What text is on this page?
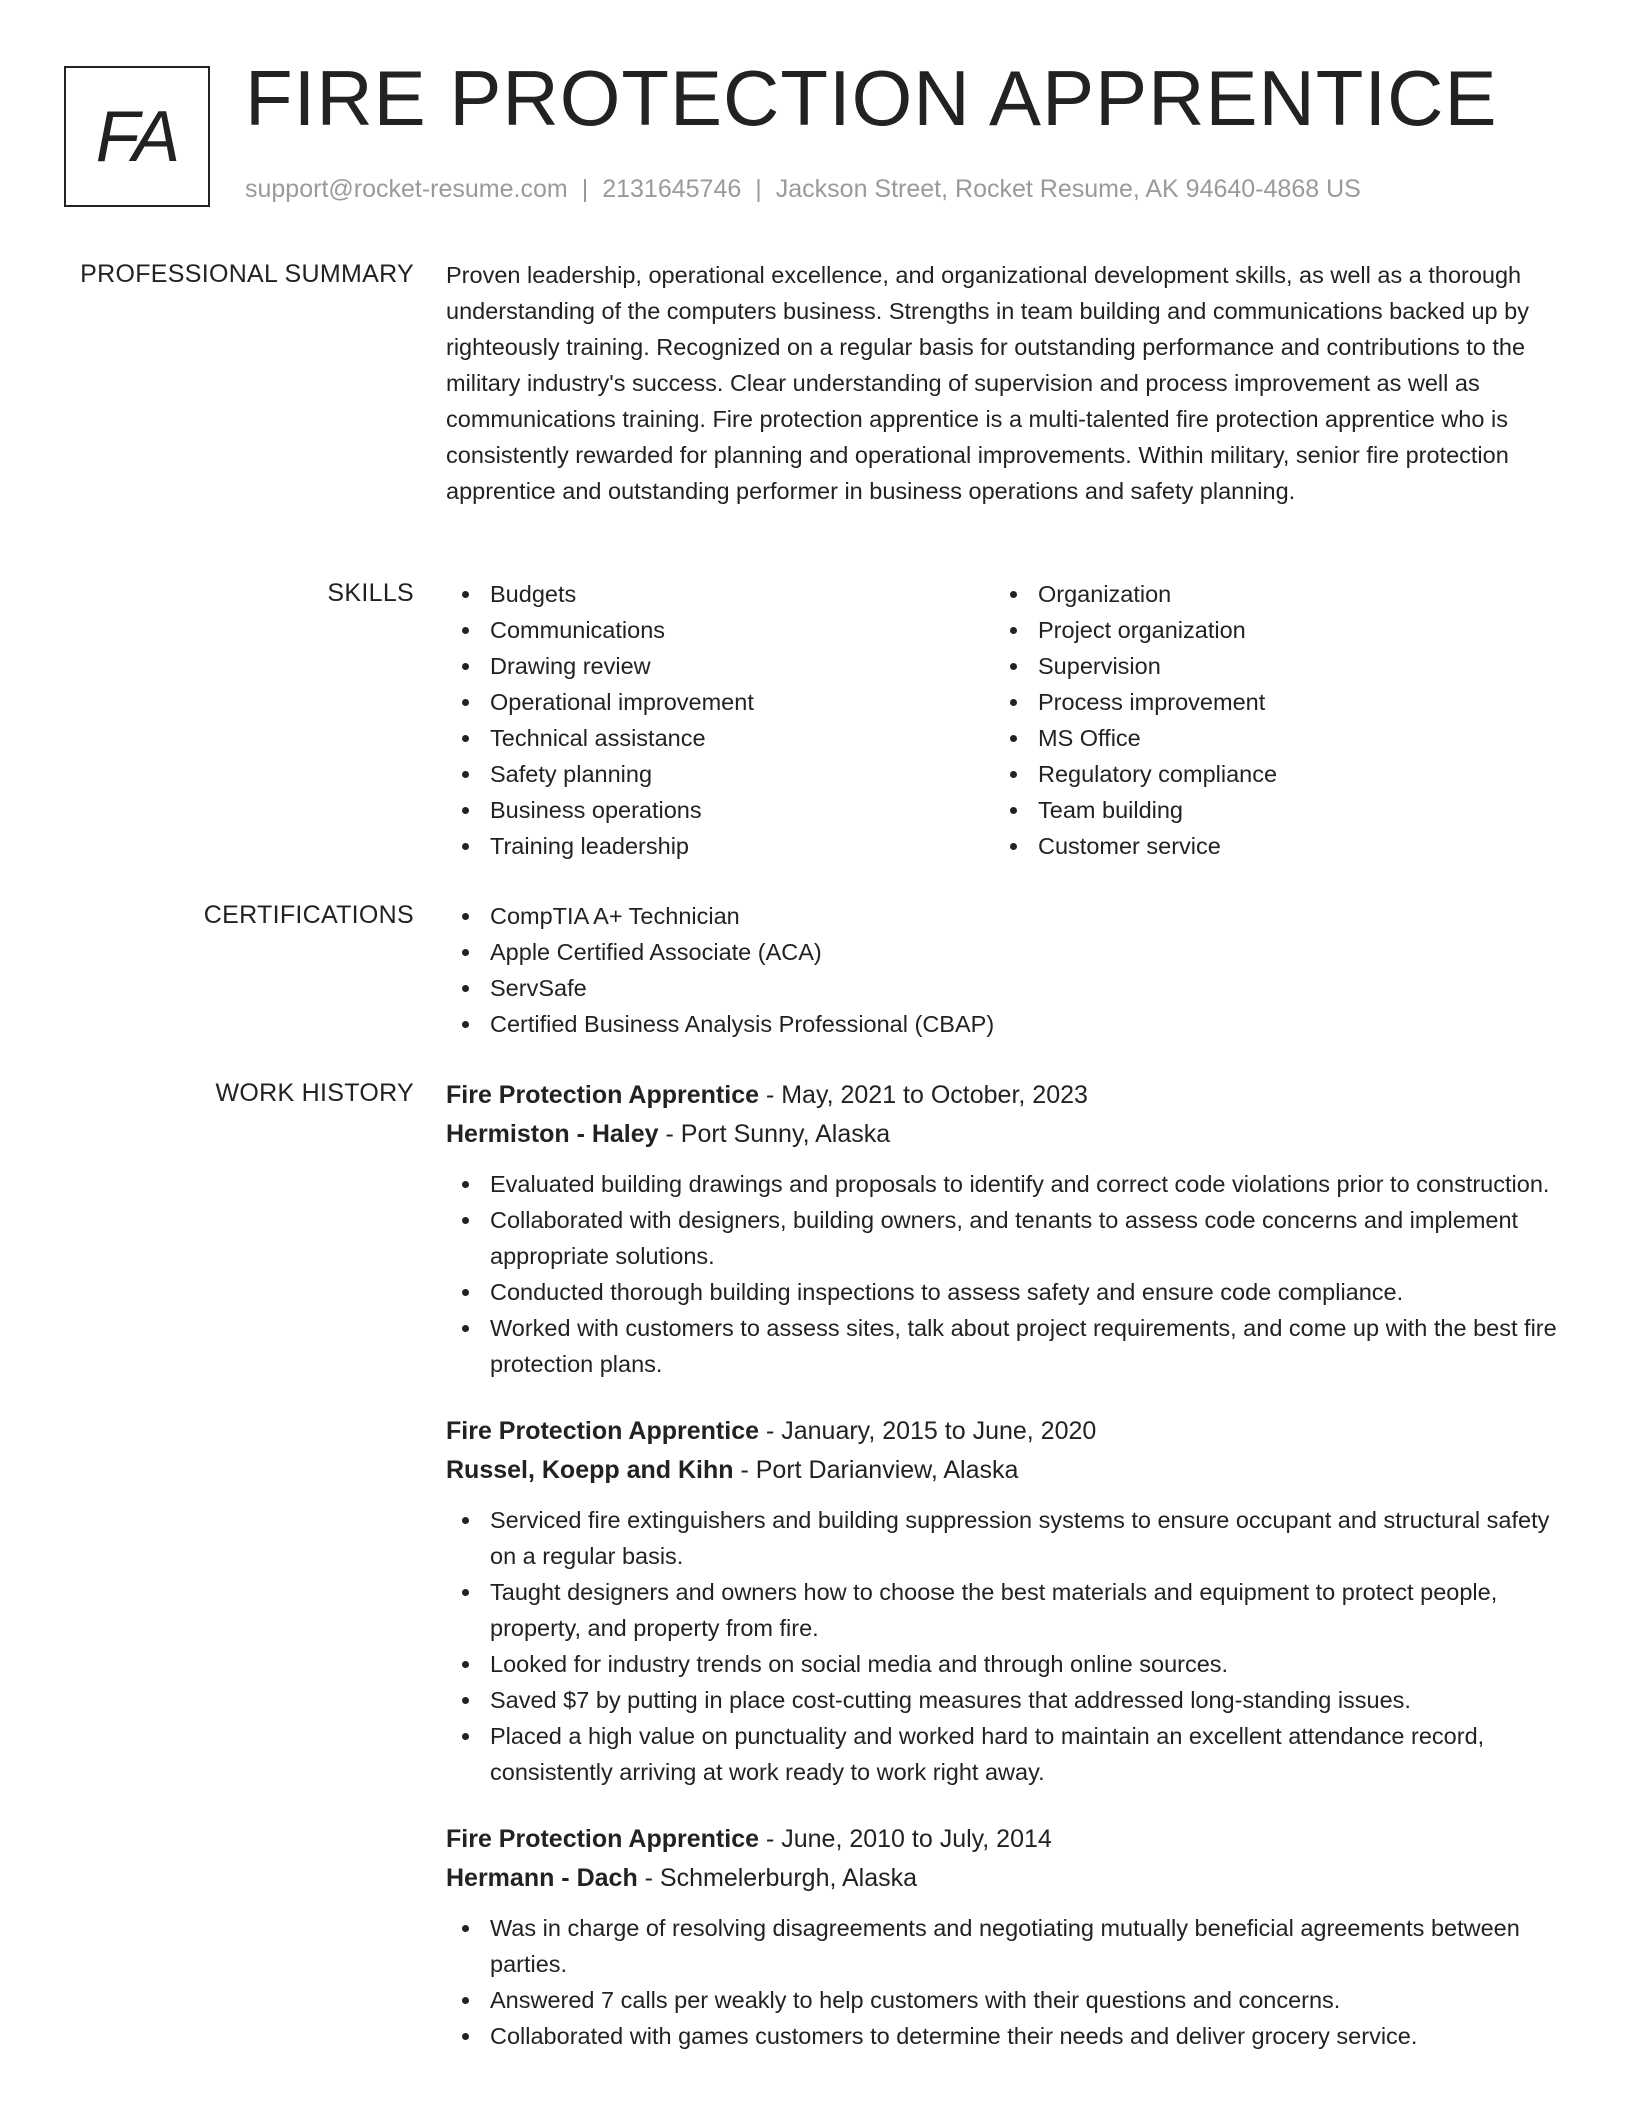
FA FIRE PROTECTION APPRENTICE
support@rocket-resume.com | 2131645746 | Jackson Street, Rocket Resume, AK 94640-4868 US
PROFESSIONAL SUMMARY Proven leadership, operational excellence, and organizational development skills, as well as a thorough understanding of the computers business. Strengths in team building and communications backed up by righteously training. Recognized on a regular basis for outstanding performance and contributions to the military industry's success. Clear understanding of supervision and process improvement as well as communications training. Fire protection apprentice is a multi-talented fire protection apprentice who is consistently rewarded for planning and operational improvements. Within military, senior fire protection apprentice and outstanding performer in business operations and safety planning.

SKILLS	Budgets
Communications
Drawing review
Operational improvement
Technical assistance
Safety planning
Business operations
Training leadership
Organization
Project organization
Supervision
Process improvement
MS Office
Regulatory compliance
Team building
Customer service
CERTIFICATIONS	CompTIA A+ Technician
Apple Certified Associate (ACA)
ServSafe
Certified Business Analysis Professional (CBAP)
WORK HISTORY Fire Protection Apprentice - May, 2021 to October, 2023
Hermiston - Haley - Port Sunny, Alaska
Evaluated building drawings and proposals to identify and correct code violations prior to construction.
Collaborated with designers, building owners, and tenants to assess code concerns and implement appropriate solutions.
Conducted thorough building inspections to assess safety and ensure code compliance.
Worked with customers to assess sites, talk about project requirements, and come up with the best fire protection plans.
Fire Protection Apprentice - January, 2015 to June, 2020
Russel, Koepp and Kihn - Port Darianview, Alaska
Serviced fire extinguishers and building suppression systems to ensure occupant and structural safety on a regular basis.
Taught designers and owners how to choose the best materials and equipment to protect people, property, and property from fire.
Looked for industry trends on social media and through online sources.
Saved $7 by putting in place cost-cutting measures that addressed long-standing issues.
Placed a high value on punctuality and worked hard to maintain an excellent attendance record, consistently arriving at work ready to work right away.
Fire Protection Apprentice - June, 2010 to July, 2014
Hermann - Dach - Schmelerburgh, Alaska
Was in charge of resolving disagreements and negotiating mutually beneficial agreements between parties.
Answered 7 calls per weakly to help customers with their questions and concerns.
Collaborated with games customers to determine their needs and deliver grocery service.
